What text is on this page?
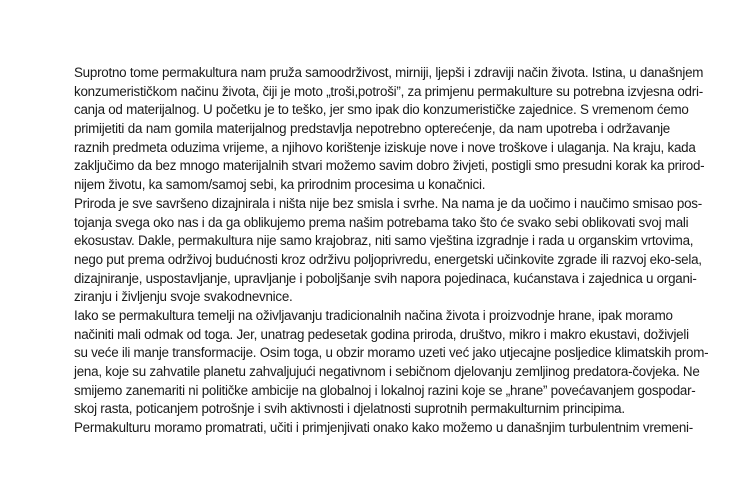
Suprotno tome permakultura nam pruža samoodrživost, mirniji, ljepši i zdraviji način života. Istina, u današnjem
konzumerističkom načinu života, čiji je moto „troši,potroši”, za primjenu permakulture su potrebna izvjesna odri-
canja od materijalnog. U početku je to teško, jer smo ipak dio konzumerističke zajednice. S vremenom ćemo
primijetiti da nam gomila materijalnog predstavlja nepotrebno opterećenje, da nam upotreba i održavanje
raznih predmeta oduzima vrijeme, a njihovo korištenje iziskuje nove i nove troškove i ulaganja. Na kraju, kada
zaključimo da bez mnogo materijalnih stvari možemo savim dobro živjeti, postigli smo presudni korak ka prirod-
nijem životu, ka samom/samoj sebi, ka prirodnim procesima u konačnici.
Priroda je sve savršeno dizajnirala i ništa nije bez smisla i svrhe. Na nama je da uočimo i naučimo smisao pos-
tojanja svega oko nas i da ga oblikujemo prema našim potrebama tako što će svako sebi oblikovati svoj mali
ekosustav. Dakle, permakultura nije samo krajobraz, niti samo vještina izgradnje i rada u organskim vrtovima,
nego put prema održivoj budućnosti kroz održivu poljoprivredu, energetski učinkovite zgrade ili razvoj eko-sela,
dizajniranje, uspostavljanje, upravljanje i poboljšanje svih napora pojedinaca, kućanstava i zajednica u organi-
ziranju i življenju svoje svakodnevnice.
Iako se permakultura temelji na oživljavanju tradicionalnih načina života i proizvodnje hrane, ipak moramo
načiniti mali odmak od toga. Jer, unatrag pedesetak godina priroda, društvo, mikro i makro ekustavi, doživjeli
su veće ili manje transformacije. Osim toga, u obzir moramo uzeti već jako utjecajne posljedice klimatskih prom-
jena, koje su zahvatile planetu zahvaljujući negativnom i sebičnom djelovanju zemljinog predatora-čovjeka. Ne
smijemo zanemariti ni političke ambicije na globalnoj i lokalnoj razini koje se „hrane” povećavanjem gospodar-
skoj rasta, poticanjem potrošnje i svih aktivnosti i djelatnosti suprotnih permakulturnim principima.
Permakulturu moramo promatrati, učiti i primjenjivati onako kako možemo u današnjim turbulentnim vremeni-
